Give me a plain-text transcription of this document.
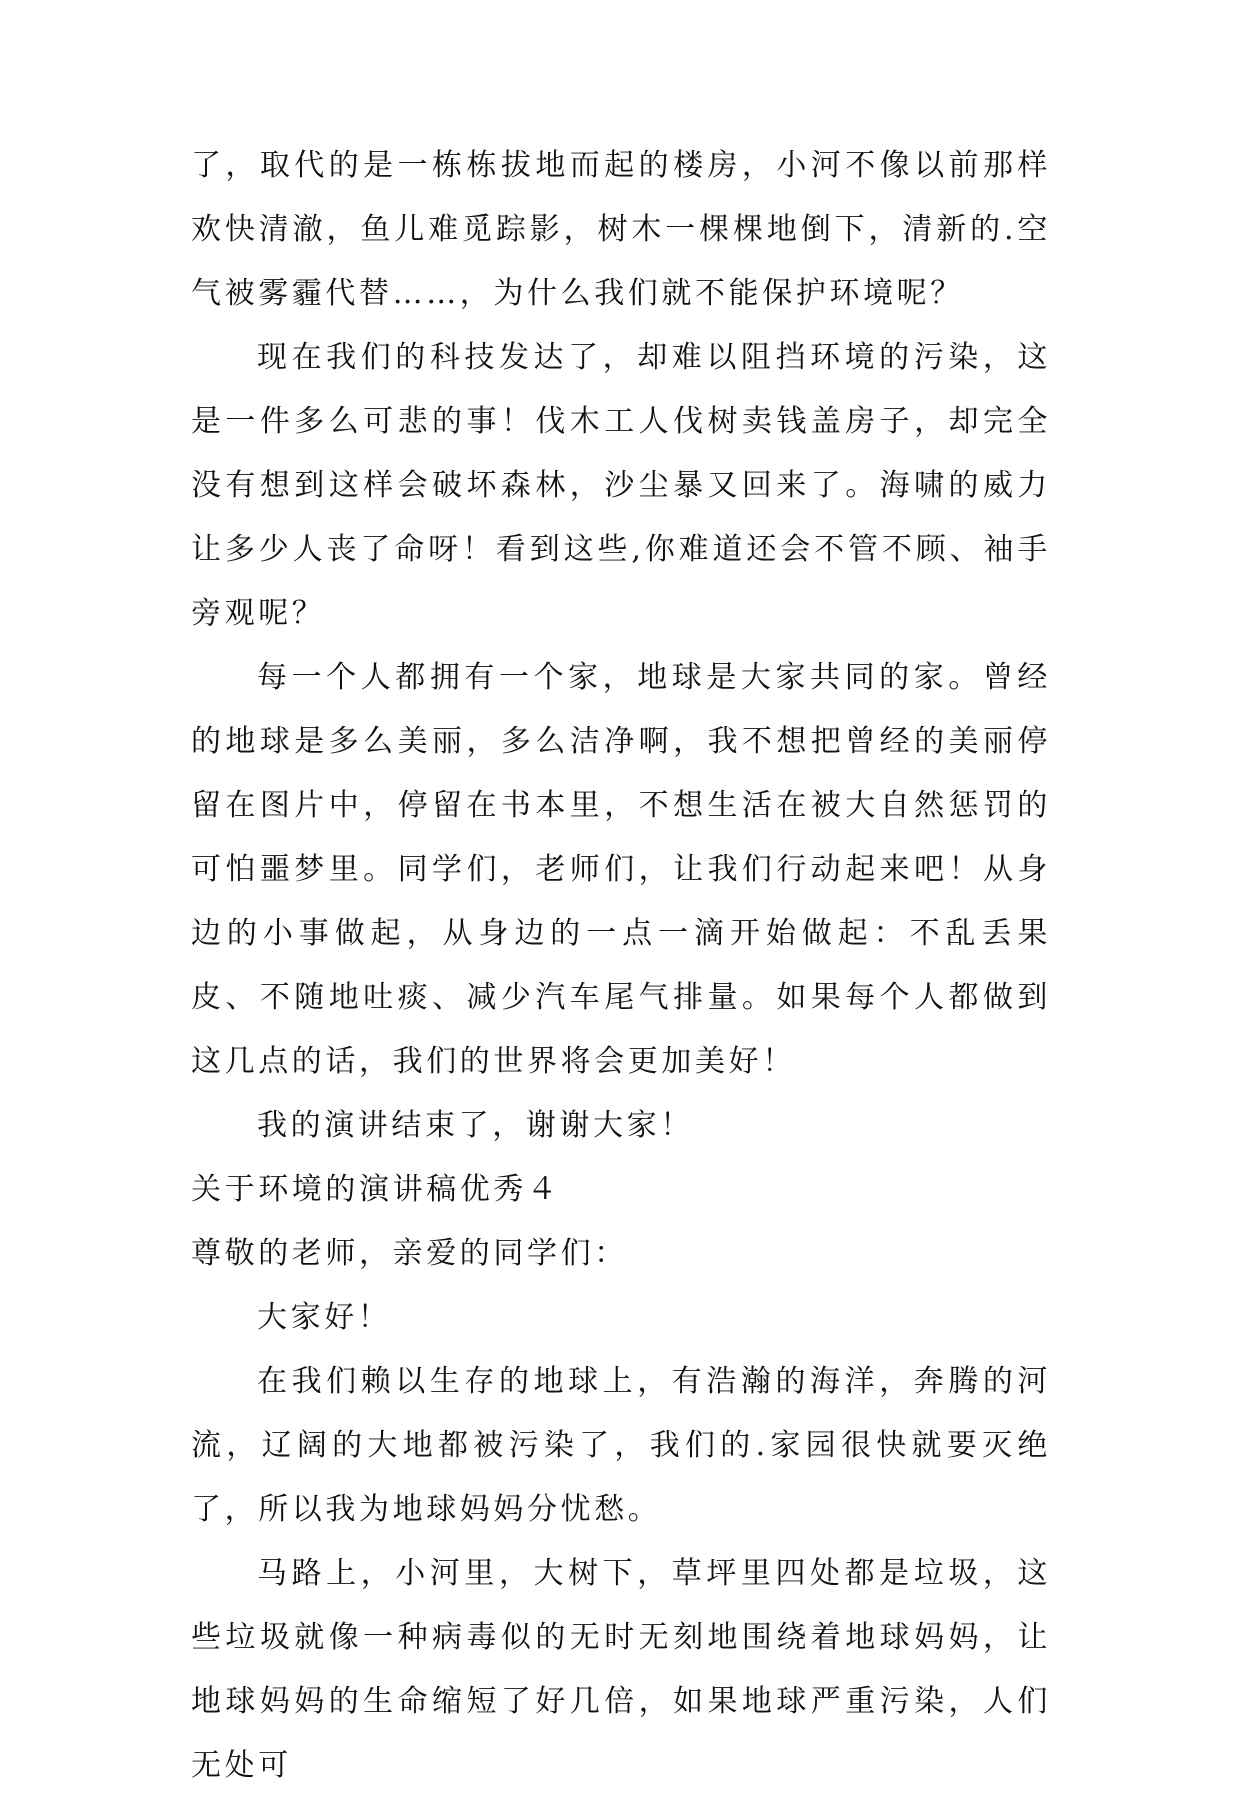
了，取代的是一栋栋拔地而起的楼房，小河不像以前那样欢快清澈，鱼儿难觅踪影，树木一棵棵地倒下，清新的.空气被雾霾代替……，为什么我们就不能保护环境呢？

现在我们的科技发达了，却难以阻挡环境的污染，这是一件多么可悲的事！伐木工人伐树卖钱盖房子，却完全没有想到这样会破坏森林，沙尘暴又回来了。海啸的威力让多少人丧了命呀！看到这些,你难道还会不管不顾、袖手旁观呢？

每一个人都拥有一个家，地球是大家共同的家。曾经的地球是多么美丽，多么洁净啊，我不想把曾经的美丽停留在图片中，停留在书本里，不想生活在被大自然惩罚的可怕噩梦里。同学们，老师们，让我们行动起来吧！从身边的小事做起，从身边的一点一滴开始做起：不乱丢果皮、不随地吐痰、减少汽车尾气排量。如果每个人都做到这几点的话，我们的世界将会更加美好！

我的演讲结束了，谢谢大家！

关于环境的演讲稿优秀４

尊敬的老师，亲爱的同学们：

大家好！

在我们赖以生存的地球上，有浩瀚的海洋，奔腾的河流，辽阔的大地都被污染了，我们的.家园很快就要灭绝了，所以我为地球妈妈分忧愁。

马路上，小河里，大树下，草坪里四处都是垃圾，这些垃圾就像一种病毒似的无时无刻地围绕着地球妈妈，让地球妈妈的生命缩短了好几倍，如果地球严重污染，人们无处可
